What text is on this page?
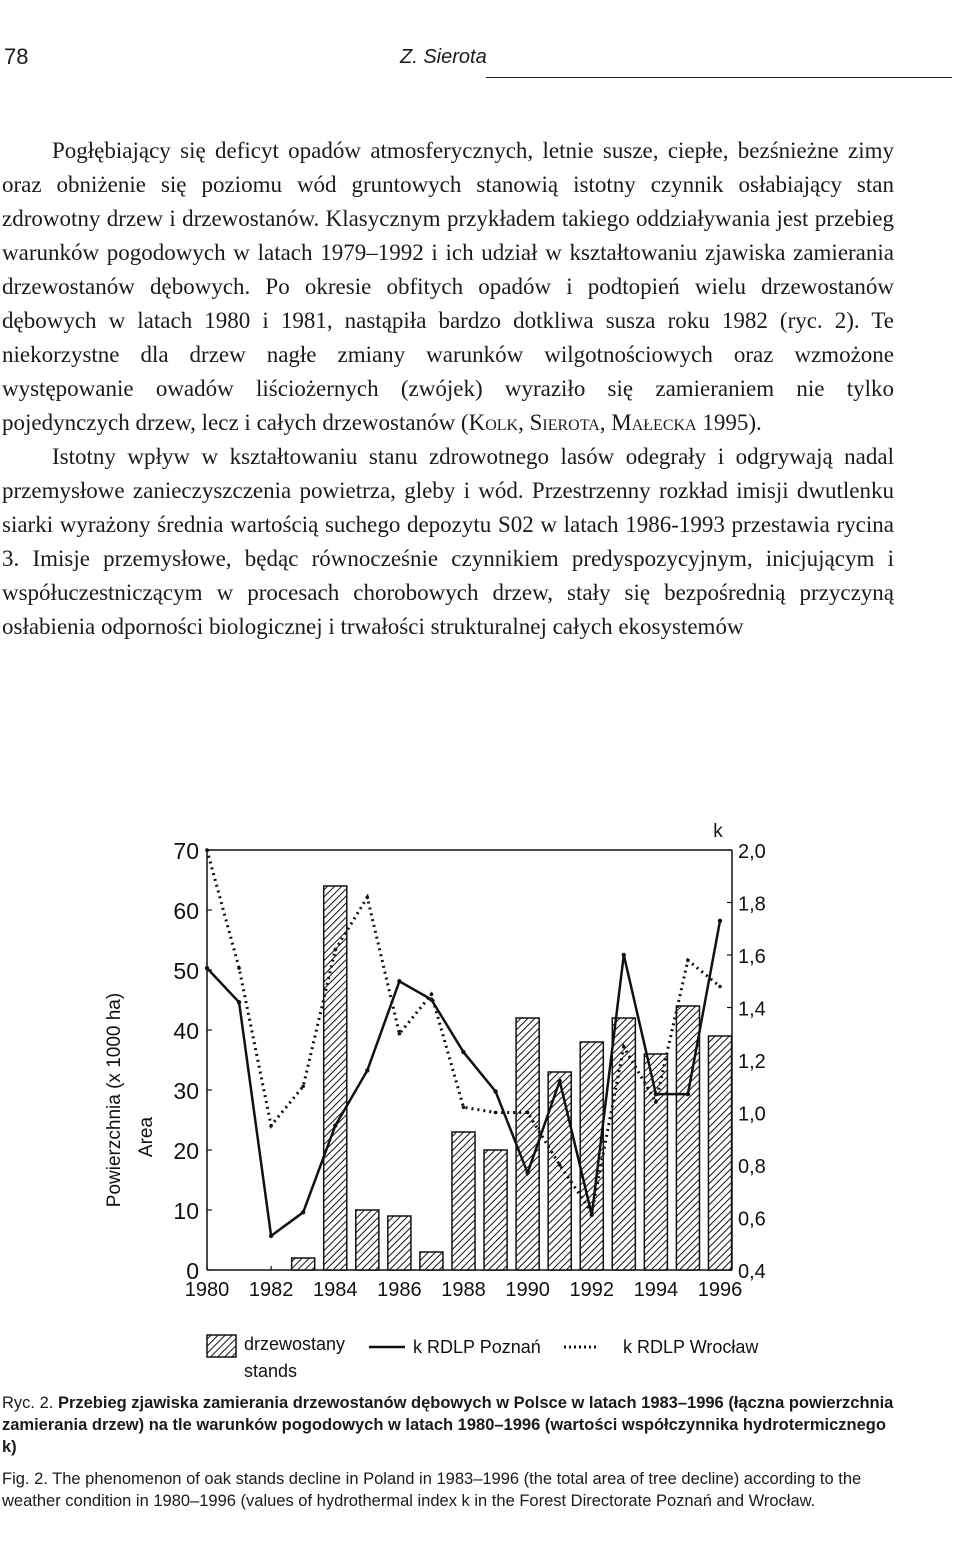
78	Z. Sierota

Pogłębiający się deficyt opadów atmosferycznych, letnie susze, ciepłe, bezśnieżne zimy oraz obniżenie się poziomu wód gruntowych stanowią istotny czynnik osłabiający stan zdrowotny drzew i drzewostanów. Klasycznym przykładem takiego oddziaływania jest przebieg warunków pogodowych w latach 1979–1992 i ich udział w kształtowaniu zjawiska zamierania drzewostanów dębowych. Po okresie obfitych opadów i podtopień wielu drzewostanów dębowych w latach 1980 i 1981, nastąpiła bardzo dotkliwa susza roku 1982 (ryc. 2). Te niekorzystne dla drzew nagłe zmiany warunków wilgotnościowych oraz wzmożone występowanie owadów liściożernych (zwójek) wyraziło się zamieraniem nie tylko pojedynczych drzew, lecz i całych drzewostanów (Kolk, Sierota, Małecka 1995).

Istotny wpływ w kształtowaniu stanu zdrowotnego lasów odegrały i odgrywają nadal przemysłowe zanieczyszczenia powietrza, gleby i wód. Przestrzenny rozkład imisji dwutlenku siarki wyrażony średnia wartością suchego depozytu S02 w latach 1986-1993 przestawia rycina 3. Imisje przemysłowe, będąc równocześnie czynnikiem predyspozycyjnym, inicjującym i współuczestniczącym w procesach chorobowych drzew, stały się bezpośrednią przyczyną osłabienia odporności biologicznej i trwałości strukturalnej całych ekosystemów

Powierzchnia (x 1000 ha) Area
k
0
10
20
30
40
50
60
70
0,4
0,6
0,8
1,0
1,2
1,4
1,6
1,8
2,0
1980 1982 1984 1986 1988 1990 1992 1994 1996
drzewostany
stands
k RDLP Poznań	k RDLP Wrocław
Ryc. 2. Przebieg zjawiska zamierania drzewostanów dębowych w Polsce w latach 1983–1996 (łączna powierzchnia zamierania drzew) na tle warunków pogodowych w latach 1980–1996 (wartości współczynnika hydrotermicznego k)
Fig. 2. The phenomenon of oak stands decline in Poland in 1983–1996 (the total area of tree decline) according to the weather condition in 1980–1996 (values of hydrothermal index k in the Forest Directorate Poznań and Wrocław.
